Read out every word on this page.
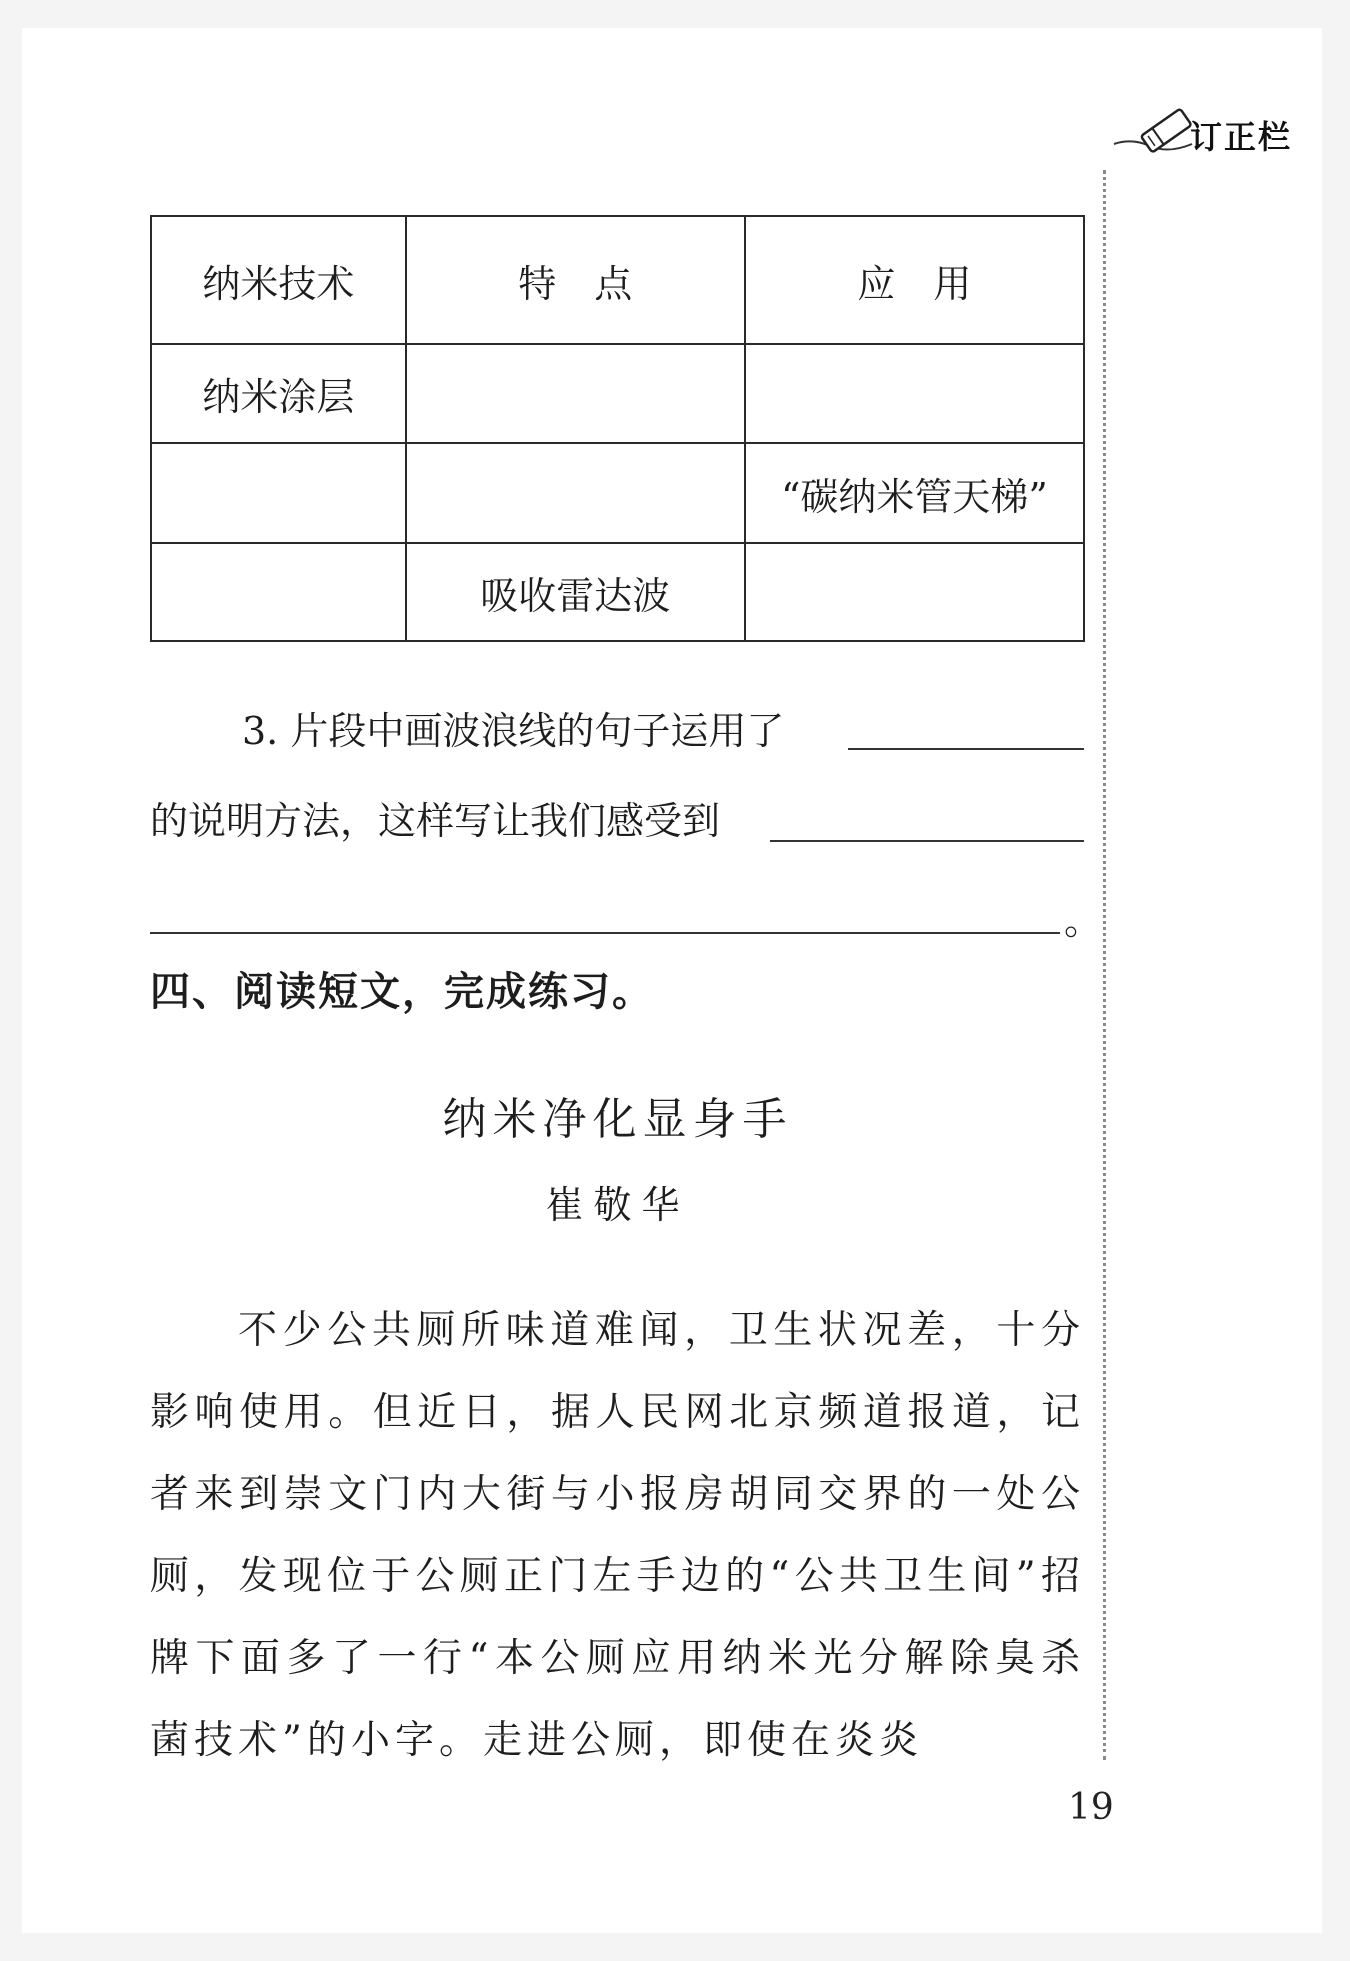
订正栏
纳米技术	特　点	应　用
纳米涂层		
		“碳纳米管天梯”
	吸收雷达波	
3. 片段中画波浪线的句子运用了
的说明方法，这样写让我们感受到
。
四、阅读短文，完成练习。
纳米净化显身手
崔敬华

不少公共厕所味道难闻，卫生状况差，十分影响使用。但近日，据人民网北京频道报道，记者来到崇文门内大街与小报房胡同交界的一处公厕，发现位于公厕正门左手边的“公共卫生间”招牌下面多了一行“本公厕应用纳米光分解除臭杀菌技术”的小字。走进公厕，即使在炎炎

19
